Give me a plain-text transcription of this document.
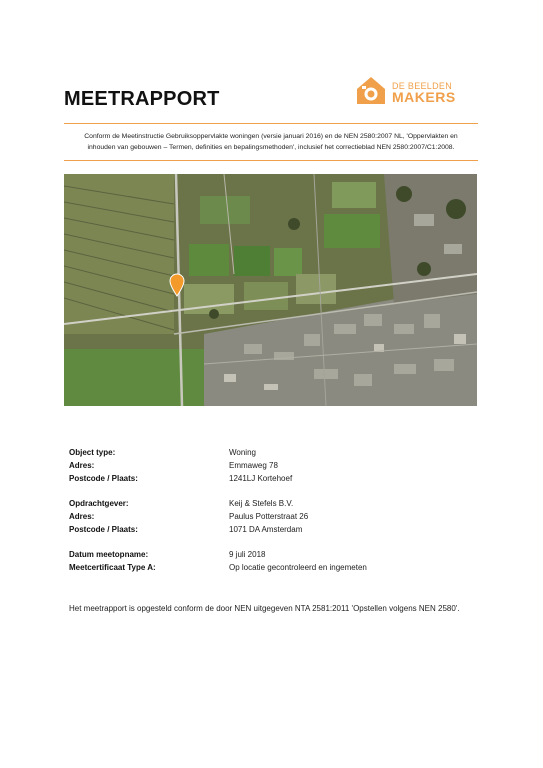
MEETRAPPORT
DE BEELDEN
MAKERS
Conform de Meetinstructie Gebruiksoppervlakte woningen (versie januari 2016) en de NEN 2580:2007 NL, 'Oppervlakten en inhouden van gebouwen – Termen, definities en bepalingsmethoden', inclusief het correctieblad NEN 2580:2007/C1:2008.
Object type:	Woning
Adres:	Emmaweg 78
Postcode / Plaats:	1241LJ Kortehoef
Opdrachtgever:	Keij & Stefels B.V.
Adres:	Paulus Potterstraat 26
Postcode / Plaats:	1071 DA Amsterdam
Datum meetopname:	9 juli 2018
Meetcertificaat Type A:	Op locatie gecontroleerd en ingemeten
Het meetrapport is opgesteld conform de door NEN uitgegeven NTA 2581:2011 'Opstellen volgens NEN 2580'.
